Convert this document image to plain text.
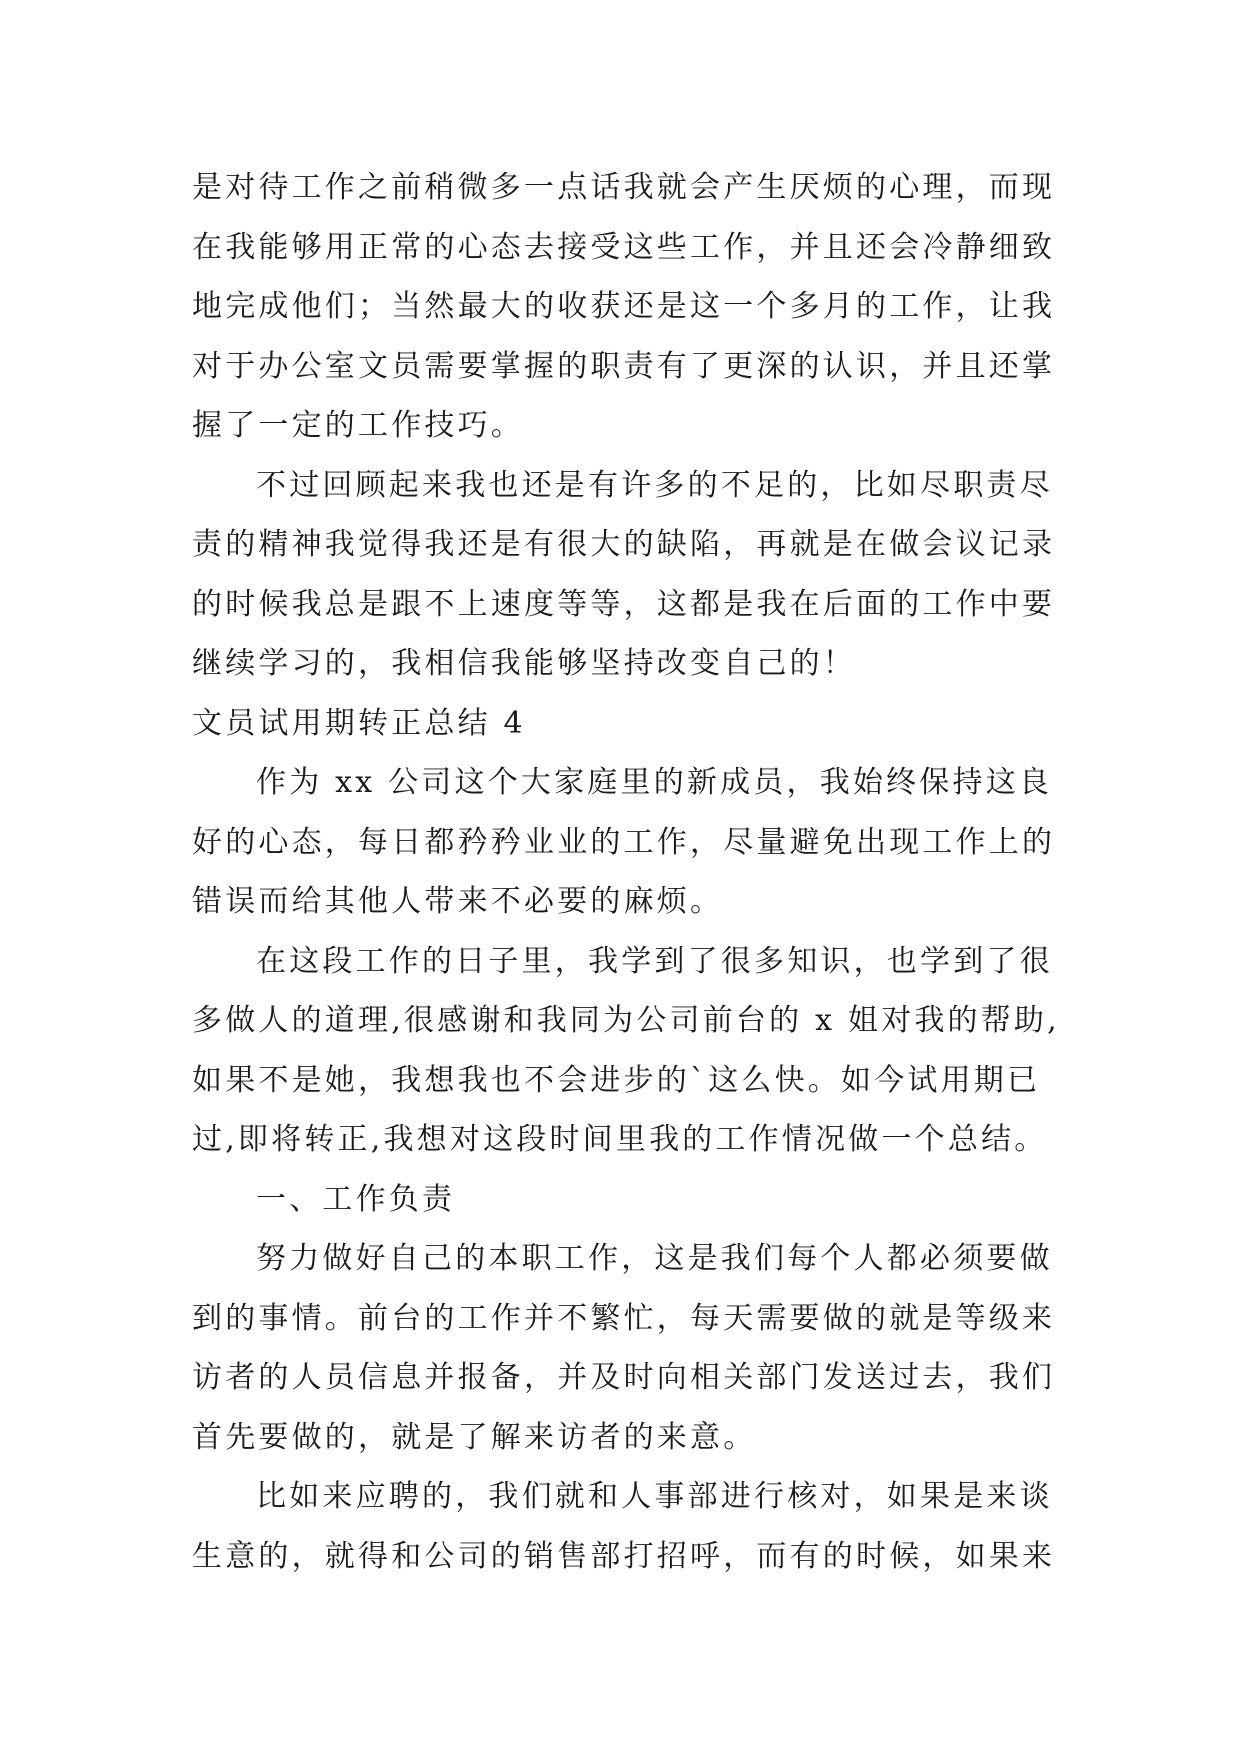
是对待工作之前稍微多一点话我就会产生厌烦的心理，而现
在我能够用正常的心态去接受这些工作，并且还会冷静细致
地完成他们；当然最大的收获还是这一个多月的工作，让我
对于办公室文员需要掌握的职责有了更深的认识，并且还掌
握了一定的工作技巧。
不过回顾起来我也还是有许多的不足的，比如尽职责尽
责的精神我觉得我还是有很大的缺陷，再就是在做会议记录
的时候我总是跟不上速度等等，这都是我在后面的工作中要
继续学习的，我相信我能够坚持改变自己的！
文员试用期转正总结 4
作为 xx 公司这个大家庭里的新成员，我始终保持这良
好的心态，每日都矜矜业业的工作，尽量避免出现工作上的
错误而给其他人带来不必要的麻烦。
在这段工作的日子里，我学到了很多知识，也学到了很
多做人的道理,很感谢和我同为公司前台的 x 姐对我的帮助,
如果不是她，我想我也不会进步的`这么快。如今试用期已
过,即将转正,我想对这段时间里我的工作情况做一个总结。
一、工作负责
努力做好自己的本职工作，这是我们每个人都必须要做
到的事情。前台的工作并不繁忙，每天需要做的就是等级来
访者的人员信息并报备，并及时向相关部门发送过去，我们
首先要做的，就是了解来访者的来意。
比如来应聘的，我们就和人事部进行核对，如果是来谈
生意的，就得和公司的销售部打招呼，而有的时候，如果来
